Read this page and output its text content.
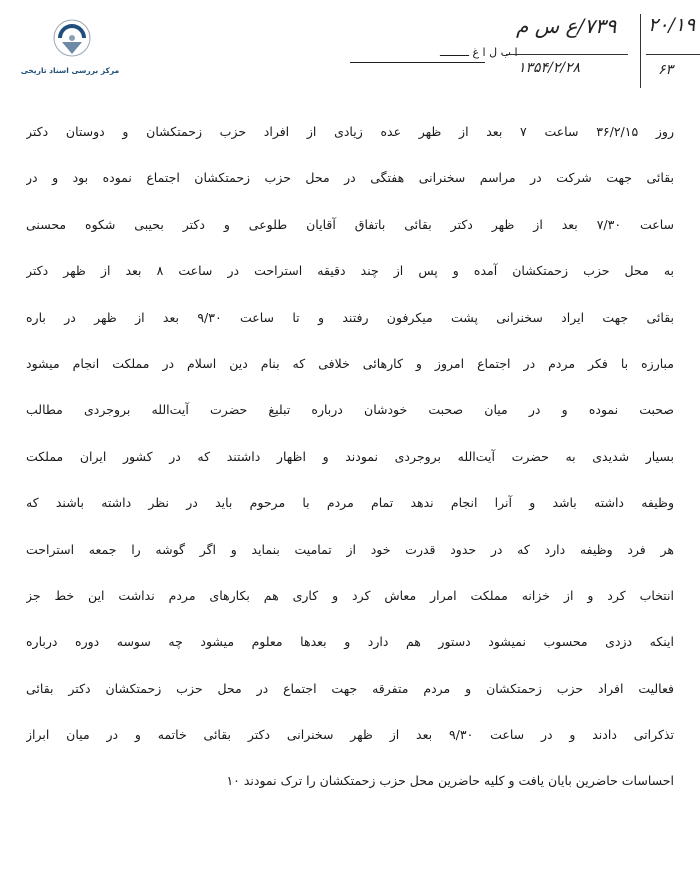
مرکز بررسی اسناد تاریخی
ا ب ل ا غ ـــــــــ
۷۳۹/ع س م
۱۳۵۴/۲/۲۸
۲۰/۱۹
۶۳
روز ۳۶/۲/۱۵ ساعت ۷ بعد از ظهر عده زیادی از افراد حزب زحمتکشان و دوستان دکتر
بقائی جهت شرکت در مراسم سخنرانی هفتگی در محل حزب زحمتکشان اجتماع نموده بود و در
ساعت ۷/۳۰ بعد از ظهر دکتر بقائی باتفاق آقایان طلوعی و دکتر بحیبی شکوه محسنی
به محل حزب زحمتکشان آمده و پس از چند دقیقه استراحت در ساعت ۸ بعد از ظهر دکتر
بقائی جهت ایراد سخنرانی پشت میکرفون رفتند و تا ساعت ۹/۳۰ بعد از ظهر در باره
مبارزه با فکر مردم در اجتماع امروز و کارهائی خلافی که بنام دین اسلام در مملکت انجام میشود
صحبت نموده و در میان صحبت خودشان درباره تبلیغ حضرت آیت‌الله بروجردی مطالب
بسیار شدیدی به حضرت آیت‌الله بروجردی نمودند و اظهار داشتند که در کشور ایران مملکت
وظیفه داشته باشد و آنرا انجام ندهد تمام مردم با مرحوم باید در نظر داشته باشند که
هر فرد وظیفه دارد که در حدود قدرت خود از تمامیت بنماید و اگر گوشه را جمعه استراحت
انتخاب کرد و از خزانه مملکت امرار معاش کرد و کاری هم بکارهای مردم نداشت این خط جز
اینکه دزدی محسوب نمیشود دستور هم دارد و بعدها معلوم میشود چه سوسه دوره درباره
فعالیت افراد حزب زحمتکشان و مردم متفرقه جهت اجتماع در محل حزب زحمتکشان دکتر بقائی
تذکراتی دادند و در ساعت ۹/۳۰ بعد از ظهر سخنرانی دکتر بقائی خاتمه و در میان ابراز
احساسات حاضرین بایان یافت و کلیه حاضرین محل حزب زحمتکشان را ترک نمودند ۱۰
